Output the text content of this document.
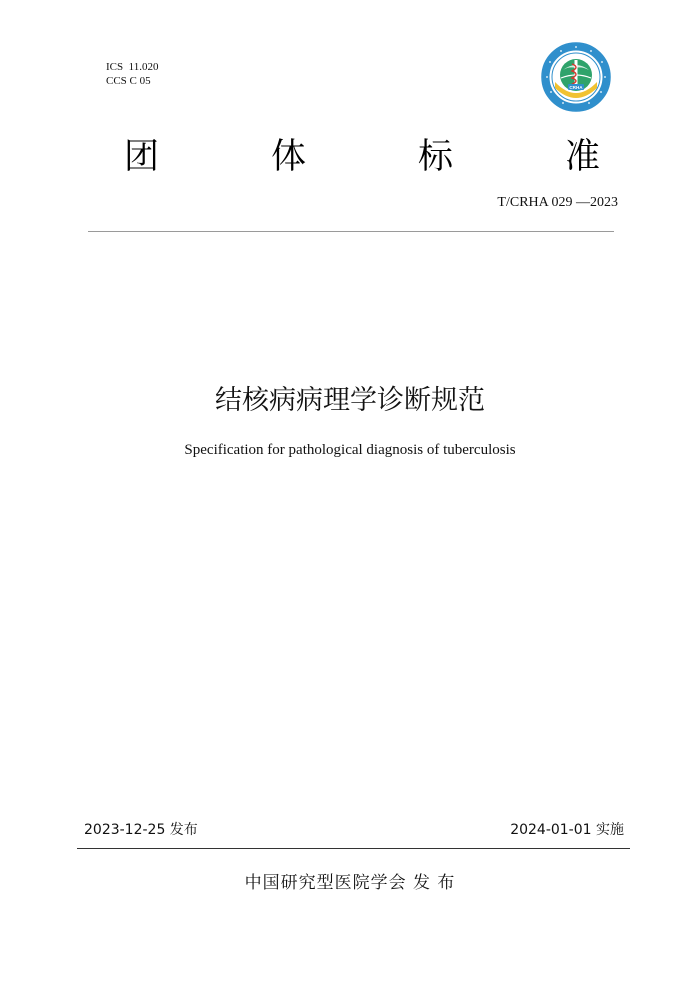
ICS  11.020
CCS C 05
CRHA
团	体	标	准
T/CRHA 029 —2023
结核病病理学诊断规范
Specification for pathological diagnosis of tuberculosis
2023-12-25 发布	2024-01-01 实施
中国研究型医院学会 发 布
